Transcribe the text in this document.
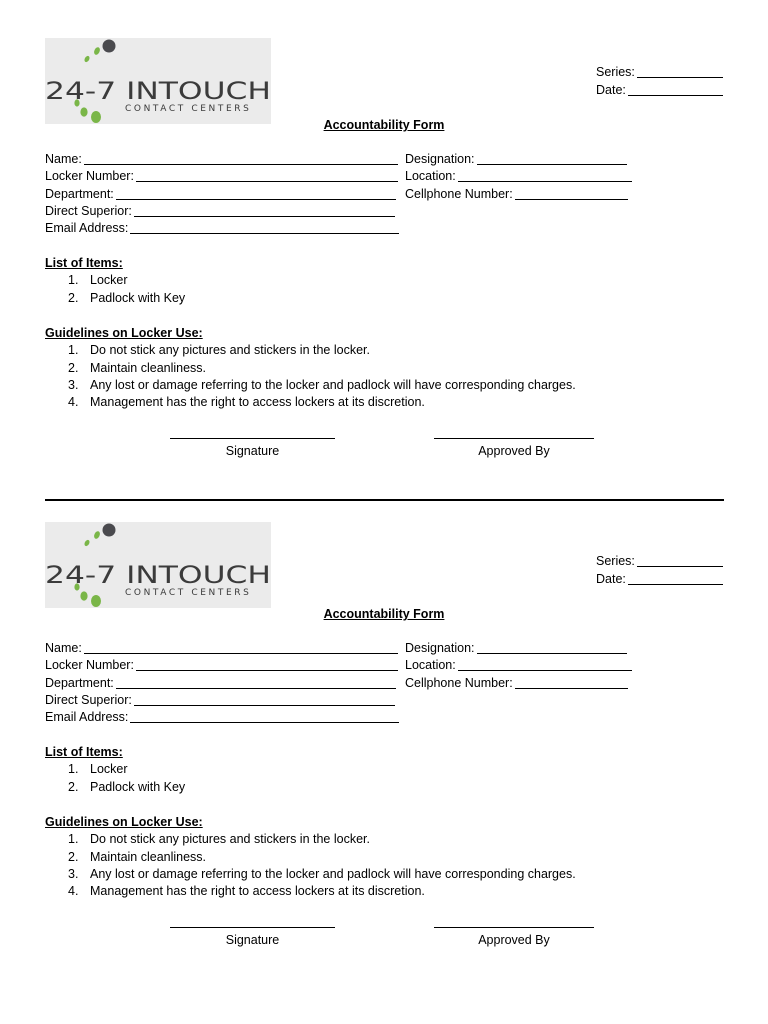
24-7 INTOUCH
CONTACT CENTERS
Series:
Date:
Accountability Form
Name:
Locker Number:
Department:
Direct Superior:
Email Address:
Designation:
Location:
Cellphone Number:
List of Items:
1. Locker
2. Padlock with Key
Guidelines on Locker Use:
1. Do not stick any pictures and stickers in the locker.
2. Maintain cleanliness.
3. Any lost or damage referring to the locker and padlock will have corresponding charges.
4. Management has the right to access lockers at its discretion.
Signature	Approved By
24-7 INTOUCH
CONTACT CENTERS
Series:
Date:
Accountability Form
Name:
Locker Number:
Department:
Direct Superior:
Email Address:
Designation:
Location:
Cellphone Number:
List of Items:
1. Locker
2. Padlock with Key
Guidelines on Locker Use:
1. Do not stick any pictures and stickers in the locker.
2. Maintain cleanliness.
3. Any lost or damage referring to the locker and padlock will have corresponding charges.
4. Management has the right to access lockers at its discretion.
Signature	Approved By
